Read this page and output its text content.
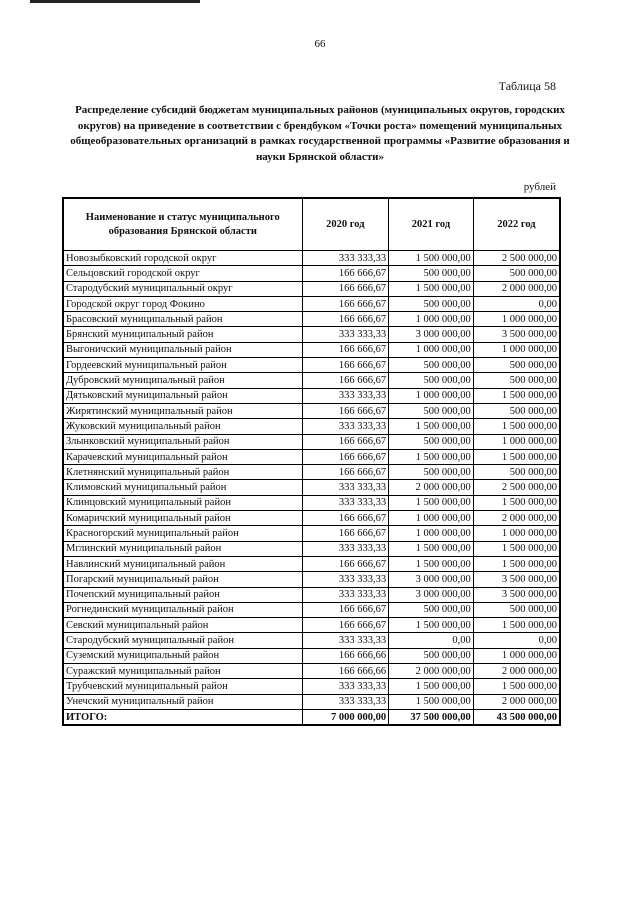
66
Таблица 58
Распределение субсидий бюджетам муниципальных районов (муниципальных округов, городских округов) на приведение в соответствии с брендбуком «Точки роста» помещений муниципальных общеобразовательных организаций в рамках государственной программы «Развитие образования и науки Брянской области»
рублей
Наименование и статус муниципального образования Брянской области	2020 год	2021 год	2022 год
Новозыбковский городской округ	333 333,33	1 500 000,00	2 500 000,00
Сельцовский городской округ	166 666,67	500 000,00	500 000,00
Стародубский муниципальный округ	166 666,67	1 500 000,00	2 000 000,00
Городской округ город Фокино	166 666,67	500 000,00	0,00
Брасовский муниципальный район	166 666,67	1 000 000,00	1 000 000,00
Брянский муниципальный район	333 333,33	3 000 000,00	3 500 000,00
Выгоничский муниципальный район	166 666,67	1 000 000,00	1 000 000,00
Гордеевский муниципальный район	166 666,67	500 000,00	500 000,00
Дубровский муниципальный район	166 666,67	500 000,00	500 000,00
Дятьковский муниципальный район	333 333,33	1 000 000,00	1 500 000,00
Жирятинский муниципальный район	166 666,67	500 000,00	500 000,00
Жуковский муниципальный район	333 333,33	1 500 000,00	1 500 000,00
Злынковский муниципальный район	166 666,67	500 000,00	1 000 000,00
Карачевский муниципальный район	166 666,67	1 500 000,00	1 500 000,00
Клетнянский муниципальный район	166 666,67	500 000,00	500 000,00
Климовский муниципальный район	333 333,33	2 000 000,00	2 500 000,00
Клинцовский муниципальный район	333 333,33	1 500 000,00	1 500 000,00
Комаричский муниципальный район	166 666,67	1 000 000,00	2 000 000,00
Красногорский муниципальный район	166 666,67	1 000 000,00	1 000 000,00
Мглинский муниципальный район	333 333,33	1 500 000,00	1 500 000,00
Навлинский муниципальный район	166 666,67	1 500 000,00	1 500 000,00
Погарский муниципальный район	333 333,33	3 000 000,00	3 500 000,00
Почепский муниципальный район	333 333,33	3 000 000,00	3 500 000,00
Рогнединский муниципальный район	166 666,67	500 000,00	500 000,00
Севский муниципальный район	166 666,67	1 500 000,00	1 500 000,00
Стародубский муниципальный район	333 333,33	0,00	0,00
Суземский муниципальный район	166 666,66	500 000,00	1 000 000,00
Суражский муниципальный район	166 666,66	2 000 000,00	2 000 000,00
Трубчевский муниципальный район	333 333,33	1 500 000,00	1 500 000,00
Унечский муниципальный район	333 333,33	1 500 000,00	2 000 000,00
ИТОГО:	7 000 000,00	37 500 000,00	43 500 000,00
